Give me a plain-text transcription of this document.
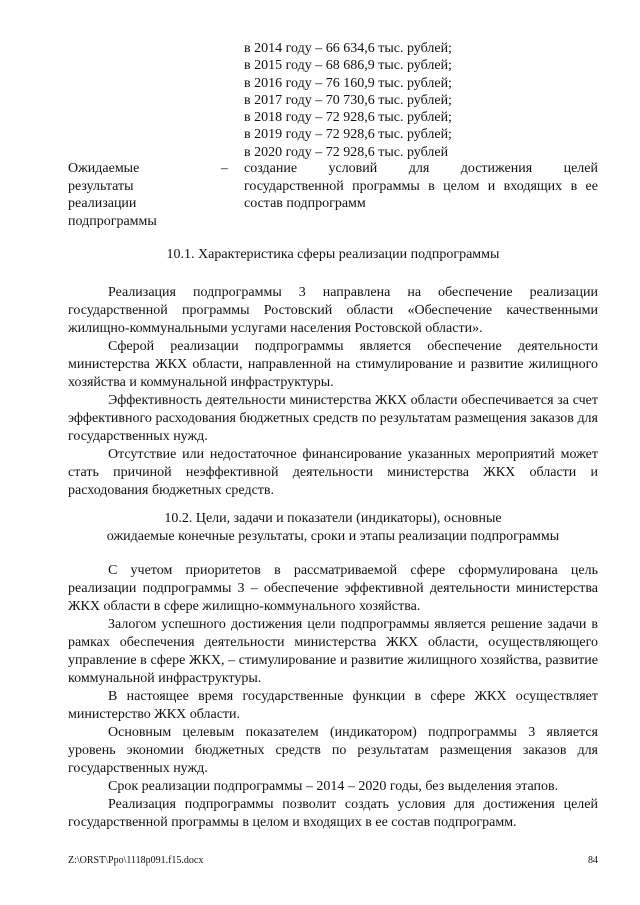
в 2014 году – 66 634,6 тыс. рублей;
в 2015 году – 68 686,9 тыс. рублей;
в 2016 году – 76 160,9 тыс. рублей;
в 2017 году – 70 730,6 тыс. рублей;
в 2018 году – 72 928,6 тыс. рублей;
в 2019 году – 72 928,6 тыс. рублей;
в 2020 году – 72 928,6 тыс. рублей
Ожидаемые
результаты
реализации
подпрограммы
– создание условий для достижения целей
государственной программы в целом и входящих в ее
состав подпрограмм
10.1. Характеристика сферы реализации подпрограммы

Реализация подпрограммы 3 направлена на обеспечение реализации государственной программы Ростовский области «Обеспечение качественными жилищно-коммунальными услугами населения Ростовской области».

Сферой реализации подпрограммы является обеспечение деятельности министерства ЖКХ области, направленной на стимулирование и развитие жилищного хозяйства и коммунальной инфраструктуры.

Эффективность деятельности министерства ЖКХ области обеспечивается за счет эффективного расходования бюджетных средств по результатам размещения заказов для государственных нужд.

Отсутствие или недостаточное финансирование указанных мероприятий может стать причиной неэффективной деятельности министерства ЖКХ области и расходования бюджетных средств.

10.2. Цели, задачи и показатели (индикаторы), основные
ожидаемые конечные результаты, сроки и этапы реализации подпрограммы

С учетом приоритетов в рассматриваемой сфере сформулирована цель реализации подпрограммы 3 – обеспечение эффективной деятельности министерства ЖКХ области в сфере жилищно-коммунального хозяйства.

Залогом успешного достижения цели подпрограммы является решение задачи в рамках обеспечения деятельности министерства ЖКХ области, осуществляющего управление в сфере ЖКХ, – стимулирование и развитие жилищного хозяйства, развитие коммунальной инфраструктуры.

В настоящее время государственные функции в сфере ЖКХ осуществляет министерство ЖКХ области.

Основным целевым показателем (индикатором) подпрограммы 3 является уровень экономии бюджетных средств по результатам размещения заказов для государственных нужд.

Срок реализации подпрограммы – 2014 – 2020 годы, без выделения этапов.

Реализация подпрограммы позволит создать условия для достижения целей государственной программы в целом и входящих в ее состав подпрограмм.

Z:\ORST\Ppo\1118p091.f15.docx	84
